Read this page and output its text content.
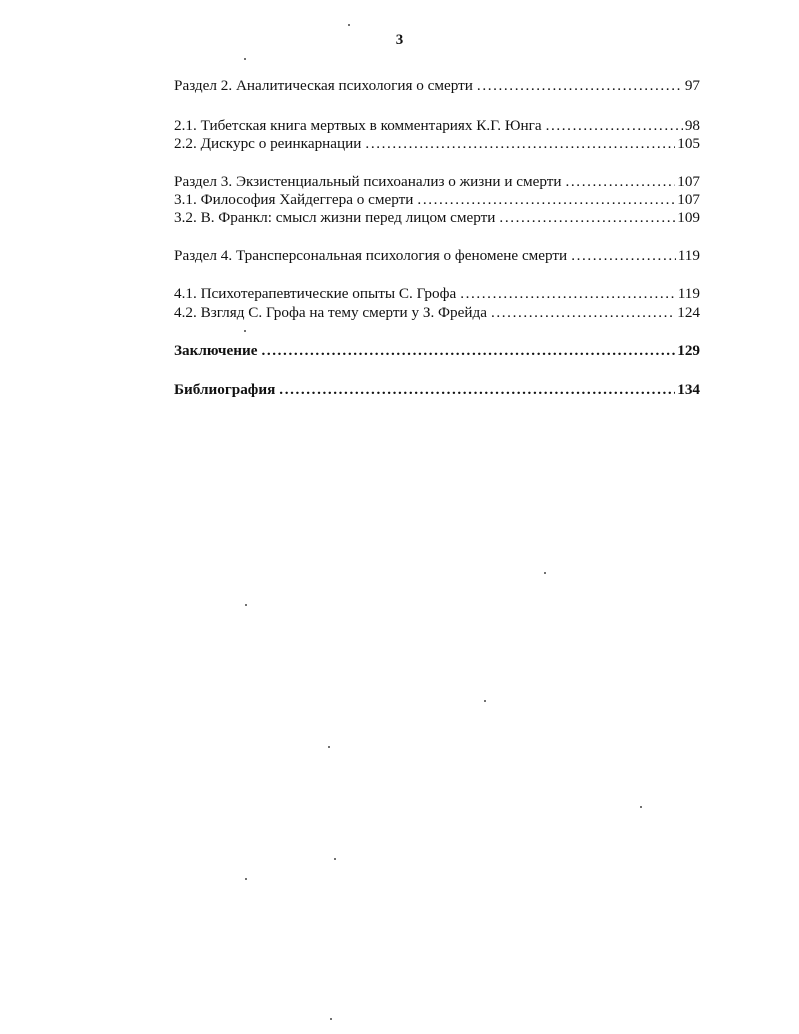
3
Раздел 2. Аналитическая психология о смерти .....	97
2.1. Тибетская книга мертвых в комментариях К.Г. Юнга .....	98
2.2. Дискурс о реинкарнации .....	105
Раздел 3. Экзистенциальный психоанализ о жизни и смерти .....	107
3.1. Философия Хайдеггера о смерти .....	107
3.2. В. Франкл: смысл жизни перед лицом смерти .....	109
Раздел 4. Трансперсональная психология о феномене смерти .....	119
4.1. Психотерапевтические опыты С. Грофа .....	119
4.2. Взгляд С. Грофа на тему смерти у З. Фрейда .....	124
Заключение .....	129
Библиография .....	134
